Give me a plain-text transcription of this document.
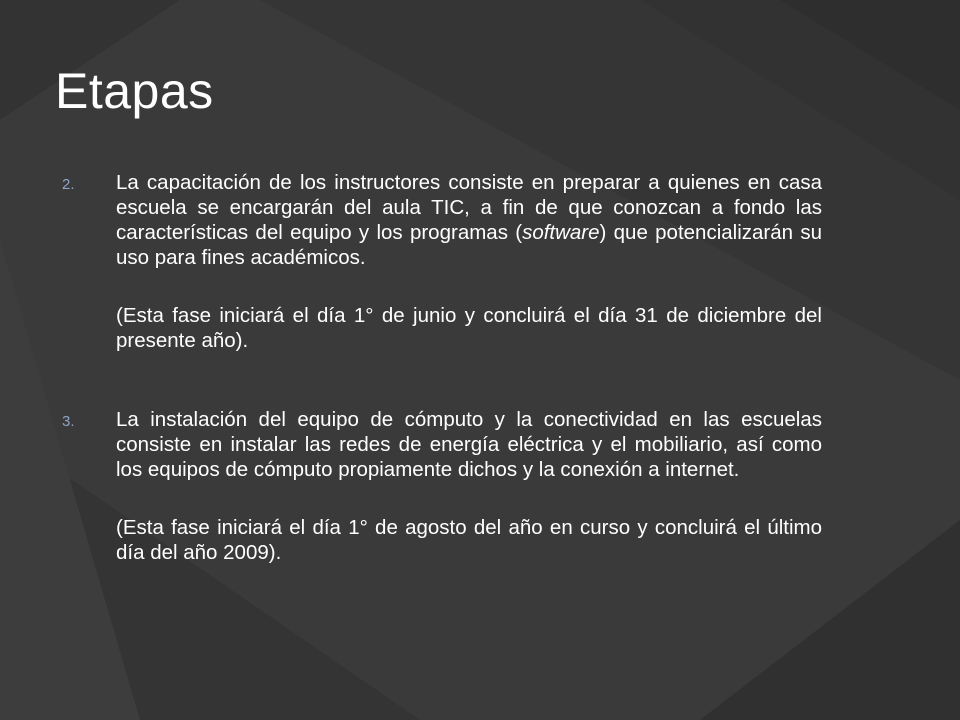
Etapas
2. La capacitación de los instructores consiste en preparar a quienes en casa escuela se encargarán del aula TIC, a fin de que conozcan a fondo las características del equipo y los programas (software) que potencializarán su uso para fines académicos.

(Esta fase iniciará el día 1° de junio y concluirá el día 31 de diciembre del presente año).

3. La instalación del equipo de cómputo y la conectividad en las escuelas consiste en instalar las redes de energía eléctrica y el mobiliario, así como los equipos de cómputo propiamente dichos y la conexión a internet.

(Esta fase iniciará el día 1° de agosto del año en curso y concluirá el último día del año 2009).
